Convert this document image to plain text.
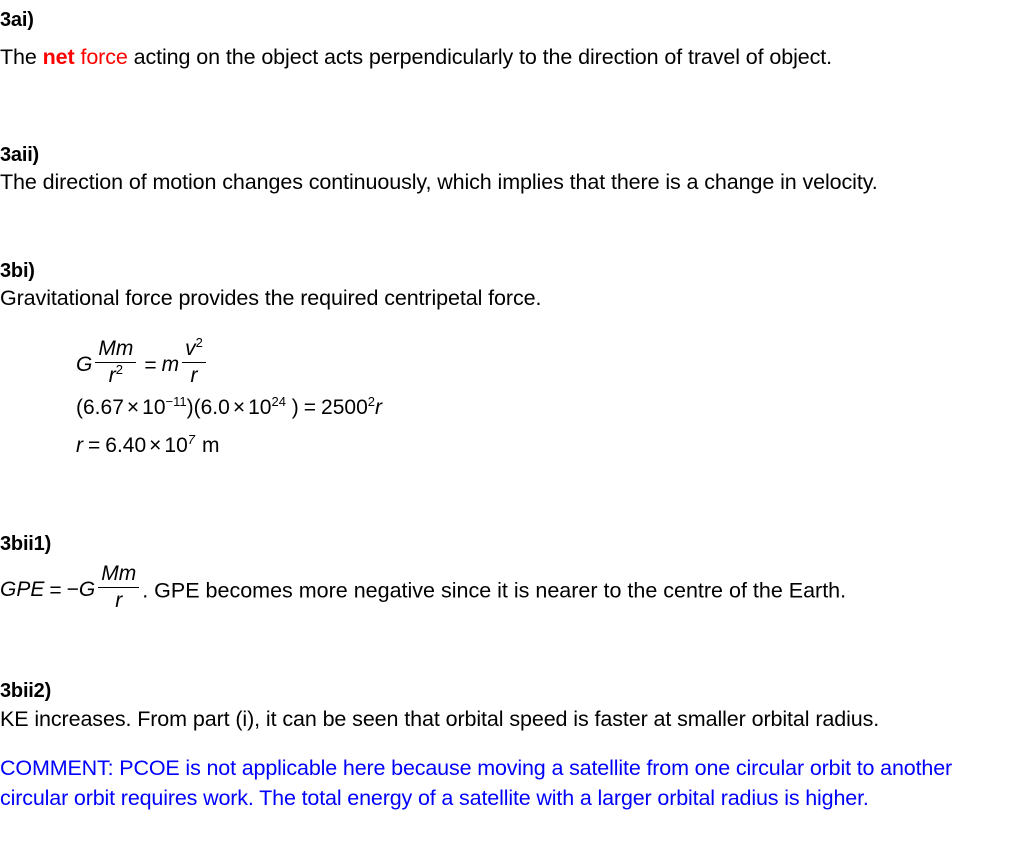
3ai)
The net force acting on the object acts perpendicularly to the direction of travel of object.
3aii)
The direction of motion changes continuously, which implies that there is a change in velocity.
3bi)
Gravitational force provides the required centripetal force.
G $\frac{Mm}{r^2} = m \frac{v^2}{r}$
$(6.67 \times 10^{-11})(6.0 \times 10^{24}$ ) = $2500^2r$
$r = 6.40 \times 10^7$ m
3bii1)
GPE = $-G \frac{Mm}{r}$ . GPE becomes more negative since it is nearer to the centre of the Earth.
3bii2)
KE increases. From part (i), it can be seen that orbital speed is faster at smaller orbital radius.
COMMENT: PCOE is not applicable here because moving a satellite from one circular orbit to another
circular orbit requires work. The total energy of a satellite with a larger orbital radius is higher.
